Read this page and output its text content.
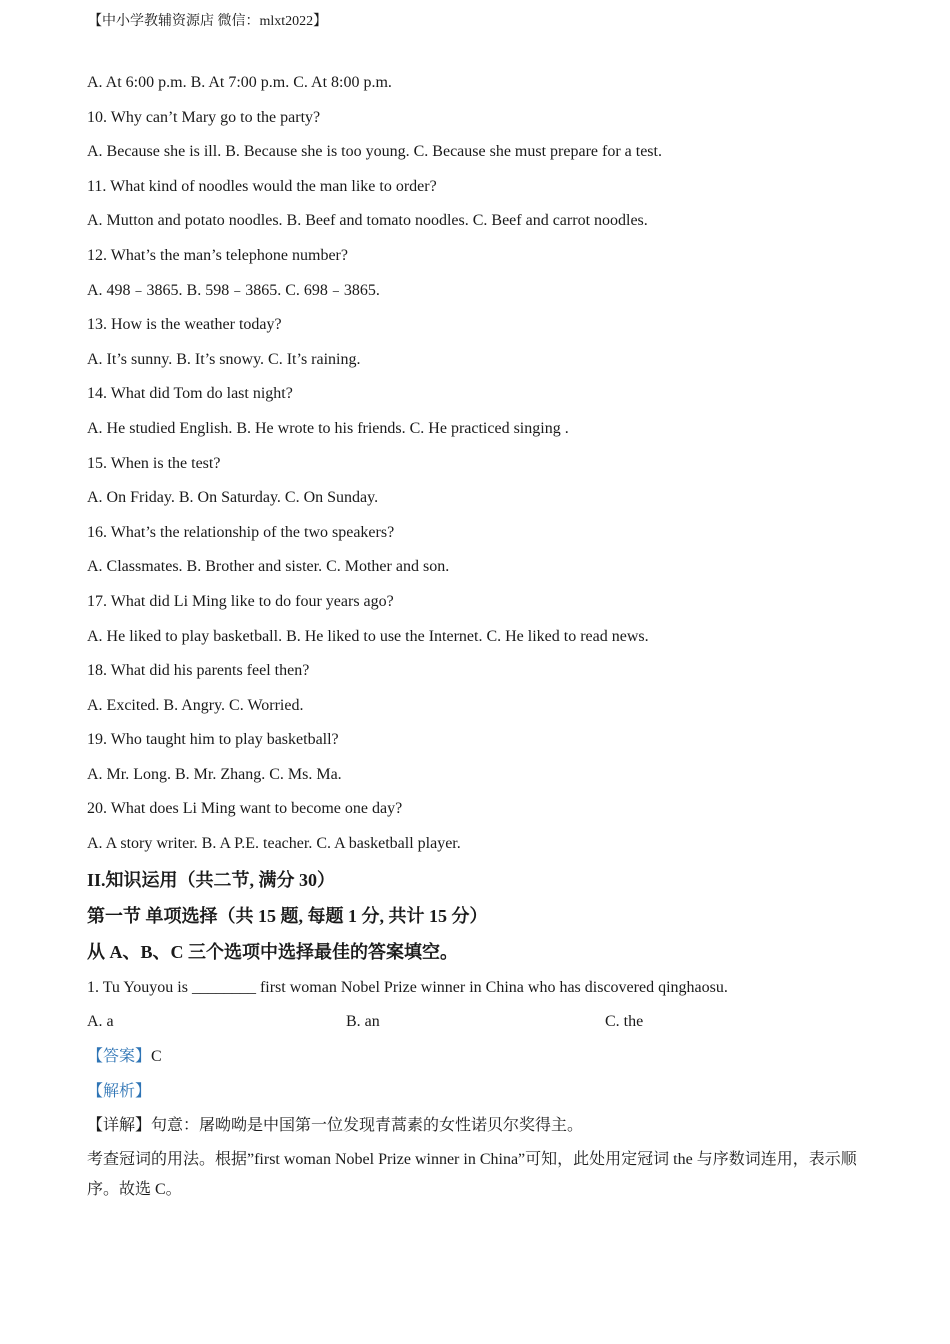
【中小学教辅资源店 微信：mlxt2022】
A. At 6:00 p.m. B. At 7:00 p.m. C. At 8:00 p.m.
10. Why can’t Mary go to the party?
A. Because she is ill. B. Because she is too young. C. Because she must prepare for a test.
11. What kind of noodles would the man like to order?
A. Mutton and potato noodles. B. Beef and tomato noodles. C. Beef and carrot noodles.
12. What’s the man’s telephone number?
A. 498﹣3865. B. 598﹣3865. C. 698﹣3865.
13. How is the weather today?
A. It’s sunny. B. It’s snowy. C. It’s raining.
14. What did Tom do last night?
A. He studied English. B. He wrote to his friends. C. He practiced singing .
15. When is the test?
A. On Friday. B. On Saturday. C. On Sunday.
16. What’s the relationship of the two speakers?
A. Classmates. B. Brother and sister. C. Mother and son.
17. What did Li Ming like to do four years ago?
A. He liked to play basketball. B. He liked to use the Internet. C. He liked to read news.
18. What did his parents feel then?
A. Excited. B. Angry. C. Worried.
19. Who taught him to play basketball?
A. Mr. Long. B. Mr. Zhang. C. Ms. Ma.
20. What does Li Ming want to become one day?
A. A story writer. B. A P.E. teacher. C. A basketball player.
II.知识运用（共二节, 满分 30）
第一节 单项选择（共 15 题, 每题 1 分, 共计 15 分）
从 A、B、C 三个选项中选择最佳的答案填空。
1. Tu Youyou is ________ first woman Nobel Prize winner in China who has discovered qinghaosu.
A. a	B. an	C. the
【答案】C
【解析】
【详解】句意：屠呦呦是中国第一位发现青蒿素的女性诺贝尔奖得主。
考查冠词的用法。根据”first woman Nobel Prize winner in China”可知，此处用定冠词 the 与序数词连用，表示顺序。故选 C。
